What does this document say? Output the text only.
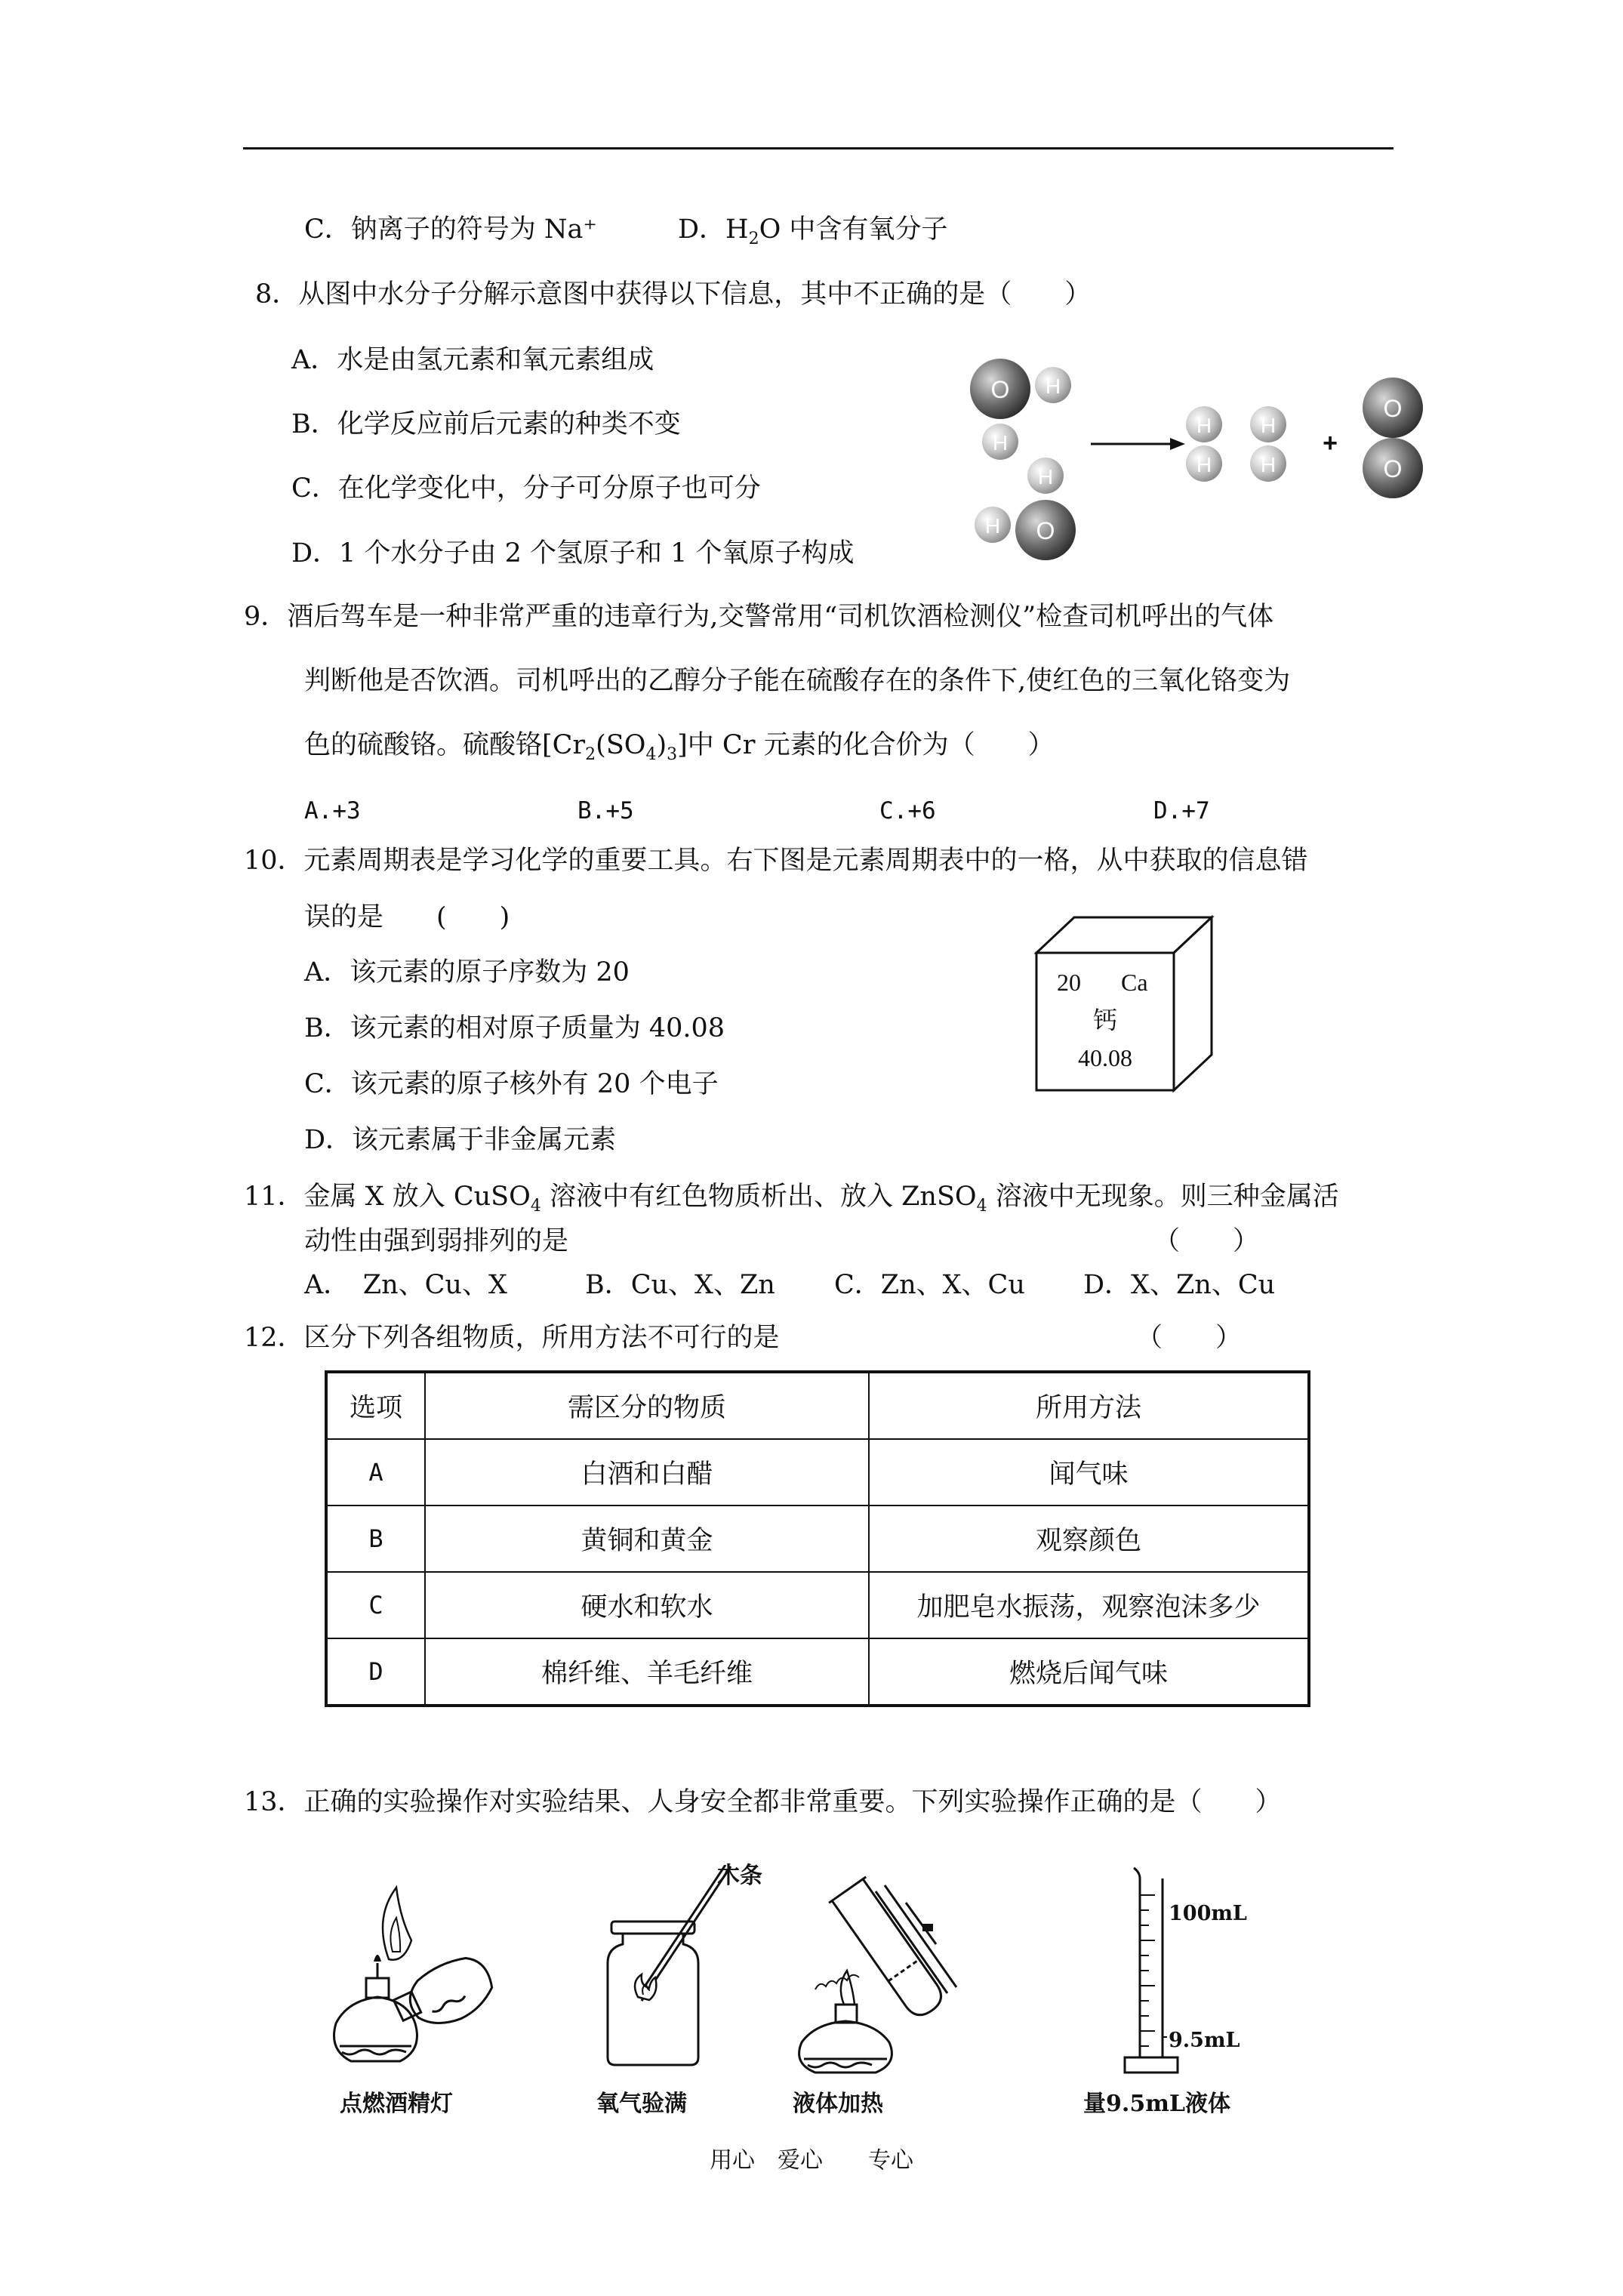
C．钠离子的符号为 Na⁺	D．$H_2O$ 中含有氧分子
8．从图中水分子分解示意图中获得以下信息，其中不正确的是（　　）
A．水是由氢元素和氧元素组成
B．化学反应前后元素的种类不变
C．在化学变化中，分子可分原子也可分
D．1 个水分子由 2 个氢原子和 1 个氧原子构成
O H
H
H
H O
H
H
H
H
+
O
O
9．酒后驾车是一种非常严重的违章行为,交警常用“司机饮酒检测仪”检查司机呼出的气体
判断他是否饮酒。司机呼出的乙醇分子能在硫酸存在的条件下,使红色的三氧化铬变为
色的硫酸铬。硫酸铬$[Cr_2(SO_4)_3]$中 Cr 元素的化合价为（　　）
A.+3	B.+5	C.+6	D.+7
10．元素周期表是学习化学的重要工具。右下图是元素周期表中的一格，从中获取的信息错
误的是　　(　　)
A．该元素的原子序数为 20
B．该元素的相对原子质量为 40.08
C．该元素的原子核外有 20 个电子
D．该元素属于非金属元素
20 Ca
钙
40.08
11．金属 X 放入 CuSO$_4$ 溶液中有红色物质析出、放入 ZnSO$_4$ 溶液中无现象。则三种金属活
动性由强到弱排列的是	（　　）
A．　Zn、Cu、X	B．Cu、X、Zn C．Zn、X、Cu D．X、Zn、Cu
12．区分下列各组物质，所用方法不可行的是	（　　）
选项	需区分的物质	所用方法
A	白酒和白醋	闻气味
B	黄铜和黄金	观察颜色
C	硬水和软水	加肥皂水振荡，观察泡沫多少
D	棉纤维、羊毛纤维	燃烧后闻气味
13．正确的实验操作对实验结果、人身安全都非常重要。下列实验操作正确的是（　　）
点燃酒精灯
木条
氧气验满	液体加热
100mL
9.5mL
量9.5mL液体
用心　爱心　　专心
